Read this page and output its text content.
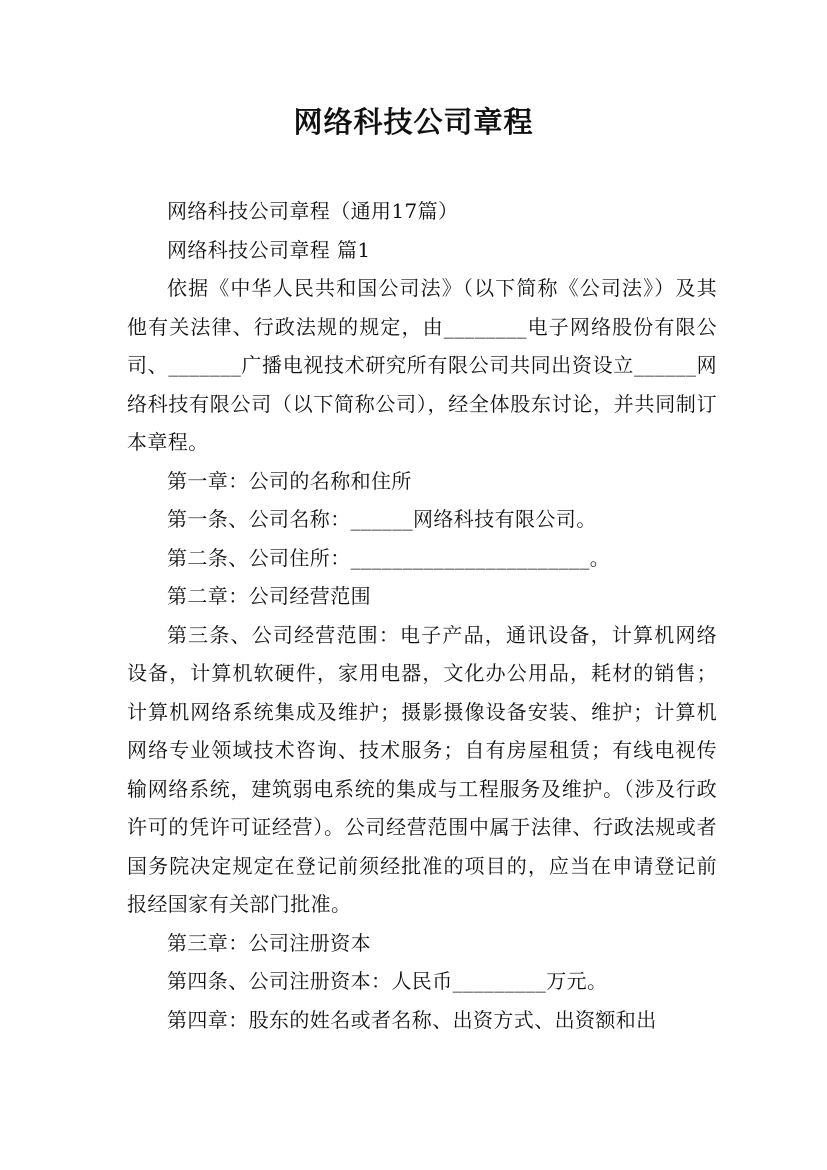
网络科技公司章程

网络科技公司章程（通用17篇）

网络科技公司章程 篇1

依据《中华人民共和国公司法》（以下简称《公司法》）及其他有关法律、行政法规的规定，由________电子网络股份有限公司、_______广播电视技术研究所有限公司共同出资设立______网络科技有限公司（以下简称公司），经全体股东讨论，并共同制订本章程。

第一章：公司的名称和住所

第一条、公司名称：______网络科技有限公司。

第二条、公司住所：_______________________。

第二章：公司经营范围

第三条、公司经营范围：电子产品，通讯设备，计算机网络设备，计算机软硬件，家用电器，文化办公用品，耗材的销售；计算机网络系统集成及维护；摄影摄像设备安装、维护；计算机网络专业领域技术咨询、技术服务；自有房屋租赁；有线电视传输网络系统，建筑弱电系统的集成与工程服务及维护。（涉及行政许可的凭许可证经营）。公司经营范围中属于法律、行政法规或者国务院决定规定在登记前须经批准的项目的，应当在申请登记前报经国家有关部门批准。

第三章：公司注册资本

第四条、公司注册资本：人民币_________万元。

第四章：股东的姓名或者名称、出资方式、出资额和出
